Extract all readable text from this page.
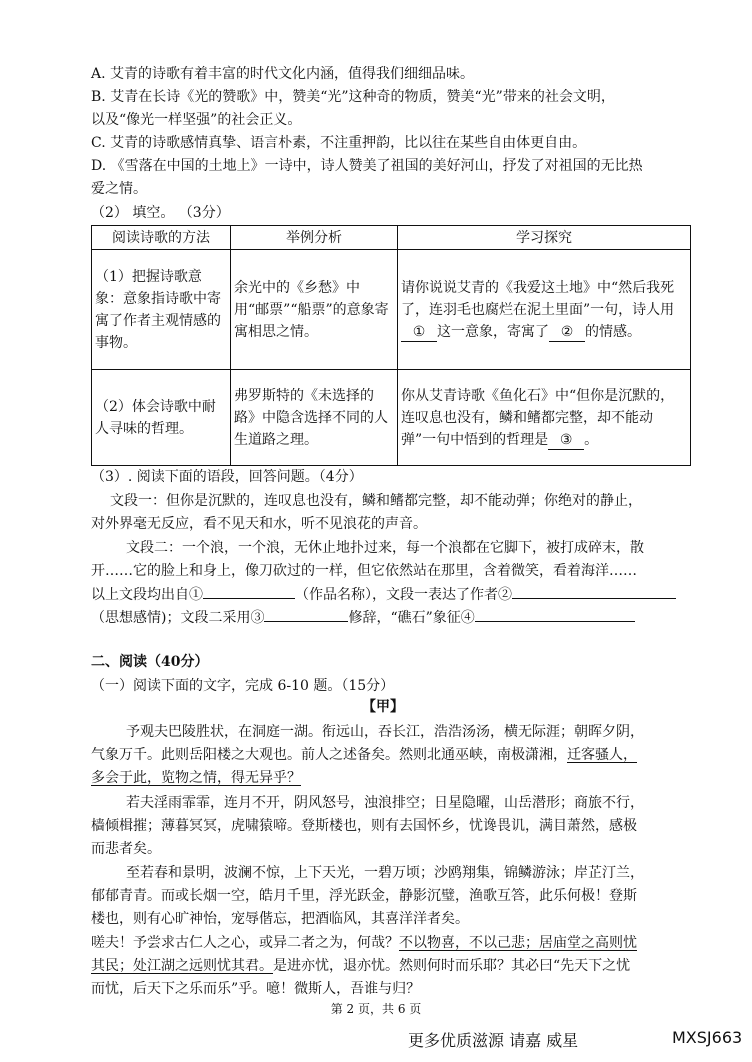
A. 艾青的诗歌有着丰富的时代文化内涵，值得我们细细品味。
B. 艾青在长诗《光的赞歌》中，赞美“光”这种奇的物质，赞美“光”带来的社会文明，
以及“像光一样坚强”的社会正义。
C. 艾青的诗歌感情真挚、语言朴素，不注重押韵，比以往在某些自由体更自由。
D. 《雪落在中国的土地上》一诗中，诗人赞美了祖国的美好河山，抒发了对祖国的无比热
爱之情。
（2） 填空。 （3分）
阅读诗歌的方法	举例分析	学习探究
（1）把握诗歌意象：意象指诗歌中寄寓了作者主观情感的事物。	余光中的《乡愁》中用“邮票”“船票”的意象寄寓相思之情。	请你说说艾青的《我爱这土地》中“然后我死了，连羽毛也腐烂在泥土里面”一句，诗人用① 这一意象，寄寓了 ② 的情感。
（2）体会诗歌中耐人寻味的哲理。	弗罗斯特的《未选择的路》中隐含选择不同的人生道路之理。	你从艾青诗歌《鱼化石》中“但你是沉默的，连叹息也没有，鳞和鳍都完整，却不能动弹”一句中悟到的哲理是 ③ 。
（3）. 阅读下面的语段，回答问题。（4分）
文段一：但你是沉默的，连叹息也没有，鳞和鳍都完整，却不能动弹；你绝对的静止，
对外界毫无反应，看不见天和水，听不见浪花的声音。
文段二：一个浪，一个浪，无休止地扑过来，每一个浪都在它脚下，被打成碎末，散
开……它的脸上和身上，像刀砍过的一样，但它依然站在那里，含着微笑，看着海洋……
以上文段均出自①	（作品名称），文段一表达了作者②
（思想感情)；文段二采用③	修辞，“礁石”象征④
二、阅读（40分）
（一）阅读下面的文字，完成 6-10 题。（15分）
【甲】
予观夫巴陵胜状，在洞庭一湖。衔远山，吞长江，浩浩汤汤，横无际涯；朝晖夕阴，
气象万千。此则岳阳楼之大观也。前人之述备矣。然则北通巫峡，南极潇湘，迁客骚人，
多会于此，览物之情，得无异乎？
若夫淫雨霏霏，连月不开，阴风怒号，浊浪排空；日星隐曜，山岳潜形；商旅不行，
樯倾楫摧；薄暮冥冥，虎啸猿啼。登斯楼也，则有去国怀乡，忧谗畏讥，满目萧然，感极
而悲者矣。
至若春和景明，波澜不惊，上下天光，一碧万顷；沙鸥翔集，锦鳞游泳；岸芷汀兰，
郁郁青青。而或长烟一空，皓月千里，浮光跃金，静影沉璧，渔歌互答，此乐何极！登斯
楼也，则有心旷神怡，宠辱偕忘，把酒临风，其喜洋洋者矣。
嗟夫！予尝求古仁人之心，或异二者之为，何哉？不以物喜，不以己悲；居庙堂之高则忧
其民；处江湖之远则忧其君。是进亦忧，退亦忧。然则何时而乐耶？其必曰“先天下之忧
而忧，后天下之乐而乐”乎。噫！微斯人，吾谁与归？
第 2 页，共 6 页
更多优质滋源 请嘉 威星	MXSJ663
